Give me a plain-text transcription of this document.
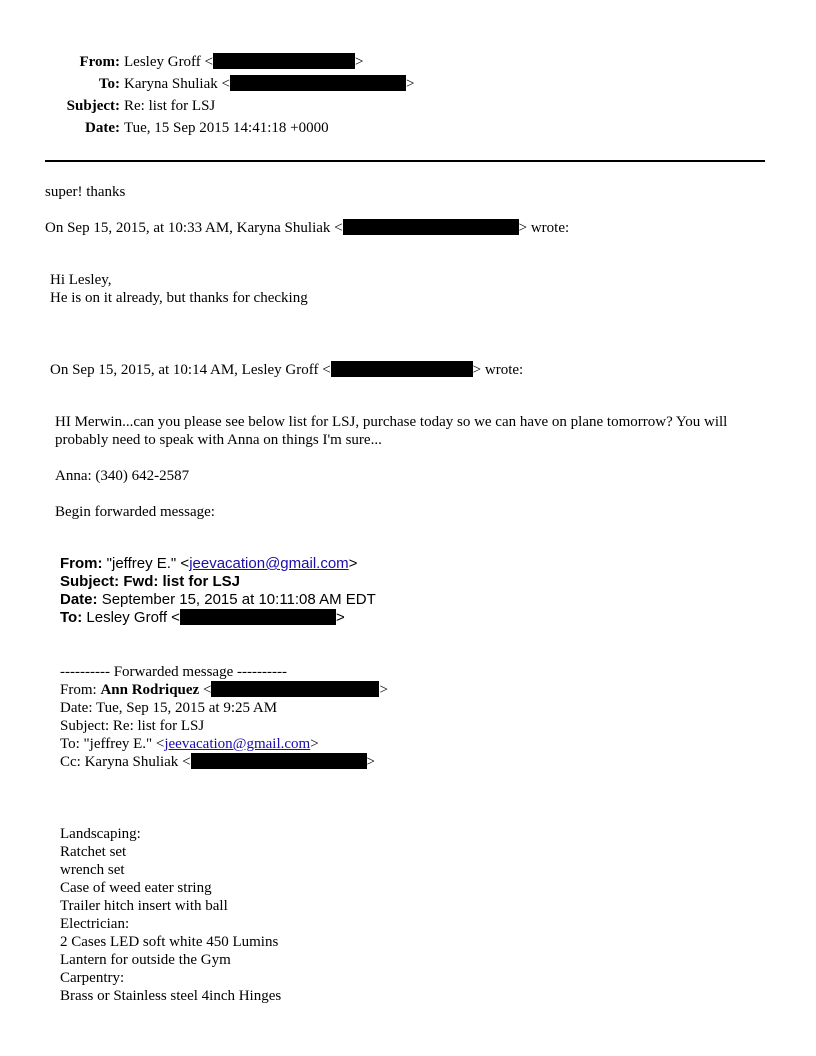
From: Lesley Groff <	>
To: Karyna Shuliak <	>
Subject: Re: list for LSJ
Date: Tue, 15 Sep 2015 14:41:18 +0000
super! thanks
On Sep 15, 2015, at 10:33 AM, Karyna Shuliak <	> wrote:
Hi Lesley,
He is on it already, but thanks for checking
On Sep 15, 2015, at 10:14 AM, Lesley Groff <	> wrote:
HI Merwin...can you please see below list for LSJ, purchase today so we can have on plane tomorrow? You will probably need to speak with Anna on things I'm sure...
Anna: (340) 642-2587
Begin forwarded message:
From: "jeffrey E." <jeevacation@gmail.com>
Subject: Fwd: list for LSJ
Date: September 15, 2015 at 10:11:08 AM EDT
To: Lesley Groff <	>
---------- Forwarded message ----------
From: Ann Rodriquez <	>
Date: Tue, Sep 15, 2015 at 9:25 AM
Subject: Re: list for LSJ
To: "jeffrey E." <jeevacation@gmail.com>
Cc: Karyna Shuliak <	>
Landscaping:
Ratchet set
wrench set
Case of weed eater string
Trailer hitch insert with ball
Electrician:
2 Cases LED soft white 450 Lumins
Lantern for outside the Gym
Carpentry:
Brass or Stainless steel 4inch Hinges
